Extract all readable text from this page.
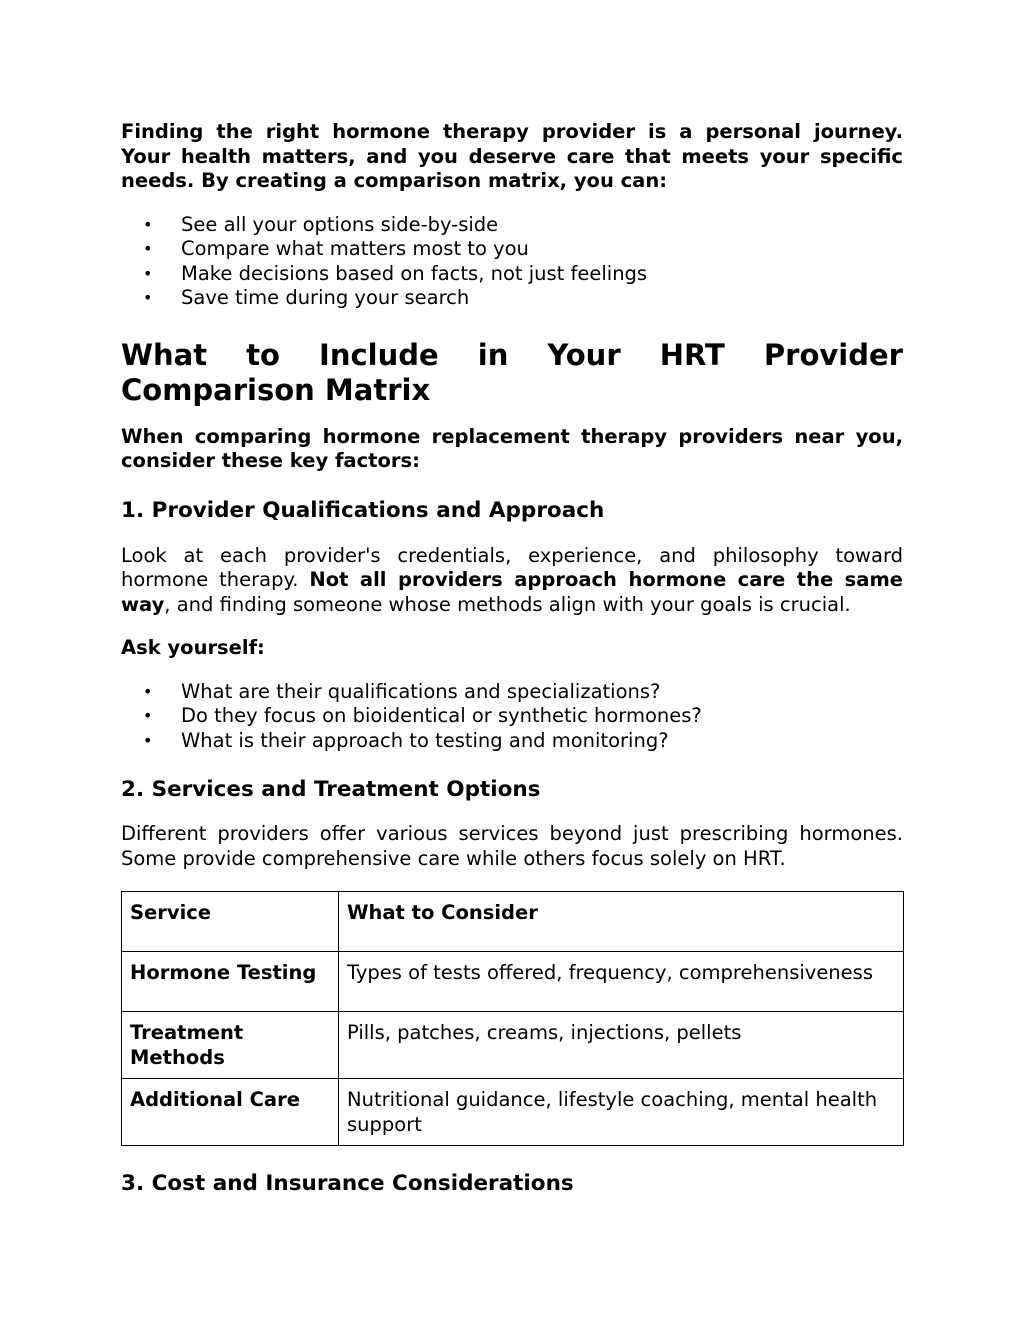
Finding the right hormone therapy provider is a personal journey. Your health matters, and you deserve care that meets your specific needs. By creating a comparison matrix, you can:

• See all your options side-by-side
• Compare what matters most to you
• Make decisions based on facts, not just feelings
• Save time during your search
What to Include in Your HRT Provider
Comparison Matrix

When comparing hormone replacement therapy providers near you, consider these key factors:

1. Provider Qualifications and Approach

Look at each provider's credentials, experience, and philosophy toward hormone therapy. Not all providers approach hormone care the same way, and finding someone whose methods align with your goals is crucial.

Ask yourself:

• What are their qualifications and specializations?
• Do they focus on bioidentical or synthetic hormones?
• What is their approach to testing and monitoring?
2. Services and Treatment Options

Different providers offer various services beyond just prescribing hormones. Some provide comprehensive care while others focus solely on HRT.

Service	What to Consider
Hormone Testing	Types of tests offered, frequency, comprehensiveness
Treatment Methods	Pills, patches, creams, injections, pellets
Additional Care	Nutritional guidance, lifestyle coaching, mental health support
3. Cost and Insurance Considerations
